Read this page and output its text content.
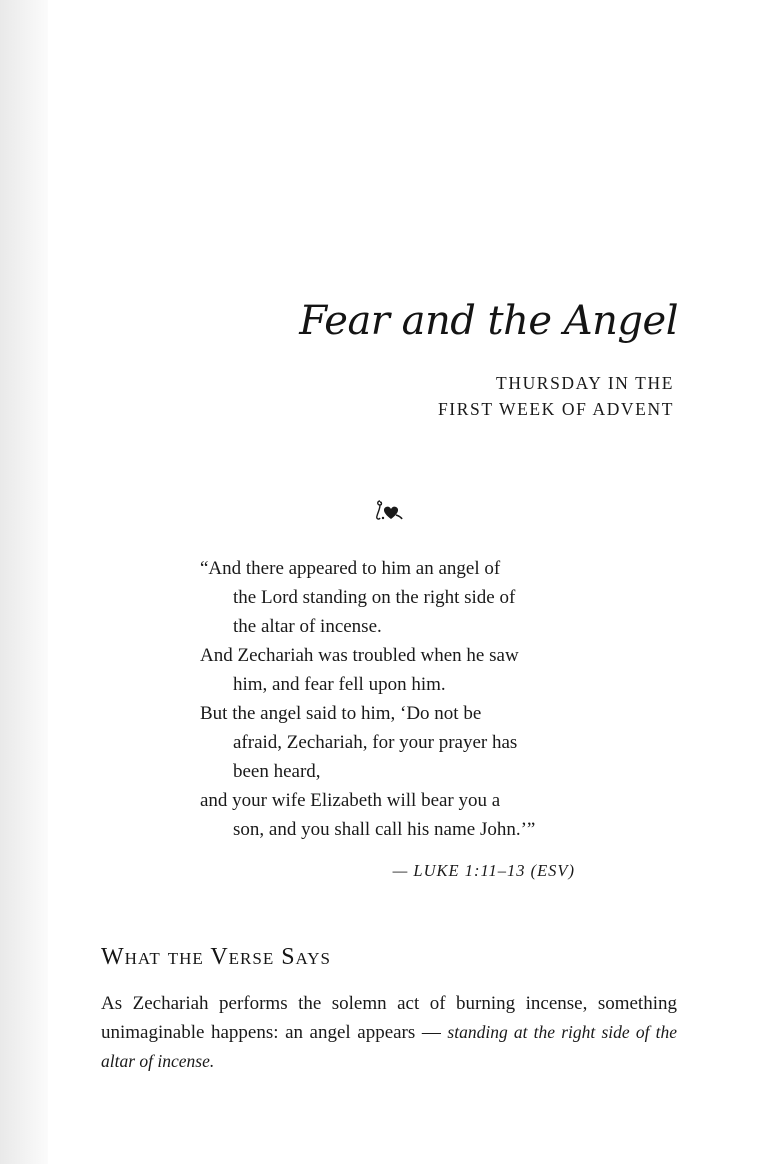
Fear and the Angel
THURSDAY IN THE
FIRST WEEK OF ADVENT
“And there appeared to him an angel of
the Lord standing on the right side of
the altar of incense.
And Zechariah was troubled when he saw
him, and fear fell upon him.
But the angel said to him, ‘Do not be
afraid, Zechariah, for your prayer has
been heard,
and your wife Elizabeth will bear you a
son, and you shall call his name John.’”
— LUKE 1:11–13 (ESV)
What the Verse Says
As Zechariah performs the solemn act of burning incense, something unimaginable happens: an angel appears — standing at the right side of the altar of incense.
